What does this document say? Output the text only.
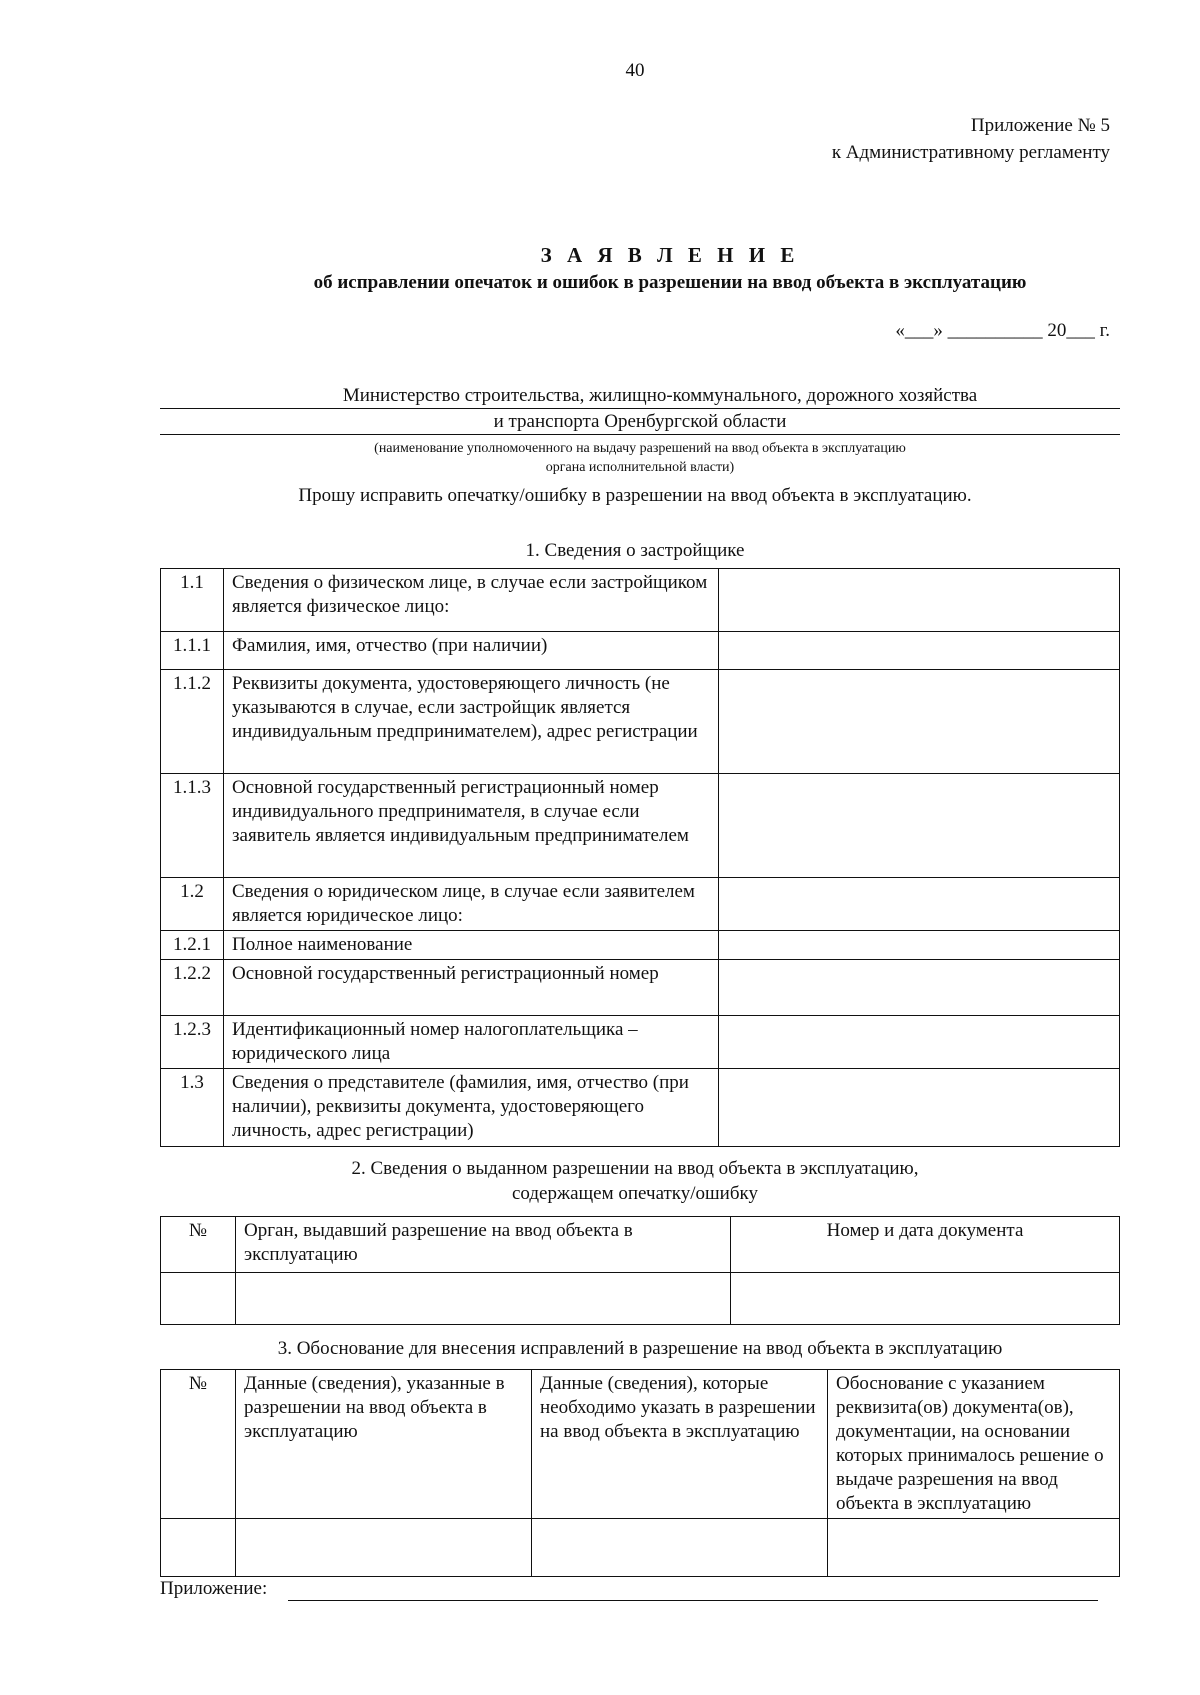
40
Приложение № 5
к Административному регламенту
З А Я В Л Е Н И Е
об исправлении опечаток и ошибок в разрешении на ввод объекта в эксплуатацию
«___» __________ 20___ г.
Министерство строительства, жилищно-коммунального, дорожного хозяйства
и транспорта Оренбургской области
(наименование уполномоченного на выдачу разрешений на ввод объекта в эксплуатацию
органа исполнительной власти)
Прошу исправить опечатку/ошибку в разрешении на ввод объекта в эксплуатацию.
1. Сведения о застройщике
1.1	Сведения о физическом лице, в случае если застройщиком является физическое лицо:	
1.1.1	Фамилия, имя, отчество (при наличии)	
1.1.2	Реквизиты документа, удостоверяющего личность (не указываются в случае, если застройщик является индивидуальным предпринимателем), адрес регистрации	
1.1.3	Основной государственный регистрационный номер индивидуального предпринимателя, в случае если заявитель является индивидуальным предпринимателем	
1.2	Сведения о юридическом лице, в случае если заявителем является юридическое лицо:	
1.2.1	Полное наименование	
1.2.2	Основной государственный регистрационный номер	
1.2.3	Идентификационный номер налогоплательщика – юридического лица	
1.3	Сведения о представителе (фамилия, имя, отчество (при наличии), реквизиты документа, удостоверяющего личность, адрес регистрации)	
2. Сведения о выданном разрешении на ввод объекта в эксплуатацию,
содержащем опечатку/ошибку
№	Орган, выдавший разрешение на ввод объекта в эксплуатацию	Номер и дата документа

3. Обоснование для внесения исправлений в разрешение на ввод объекта в эксплуатацию
№	Данные (сведения), указанные в разрешении на ввод объекта в эксплуатацию	Данные (сведения), которые необходимо указать в разрешении на ввод объекта в эксплуатацию	Обоснование с указанием реквизита(ов) документа(ов), документации, на основании которых принималось решение о выдаче разрешения на ввод объекта в эксплуатацию

Приложение:
